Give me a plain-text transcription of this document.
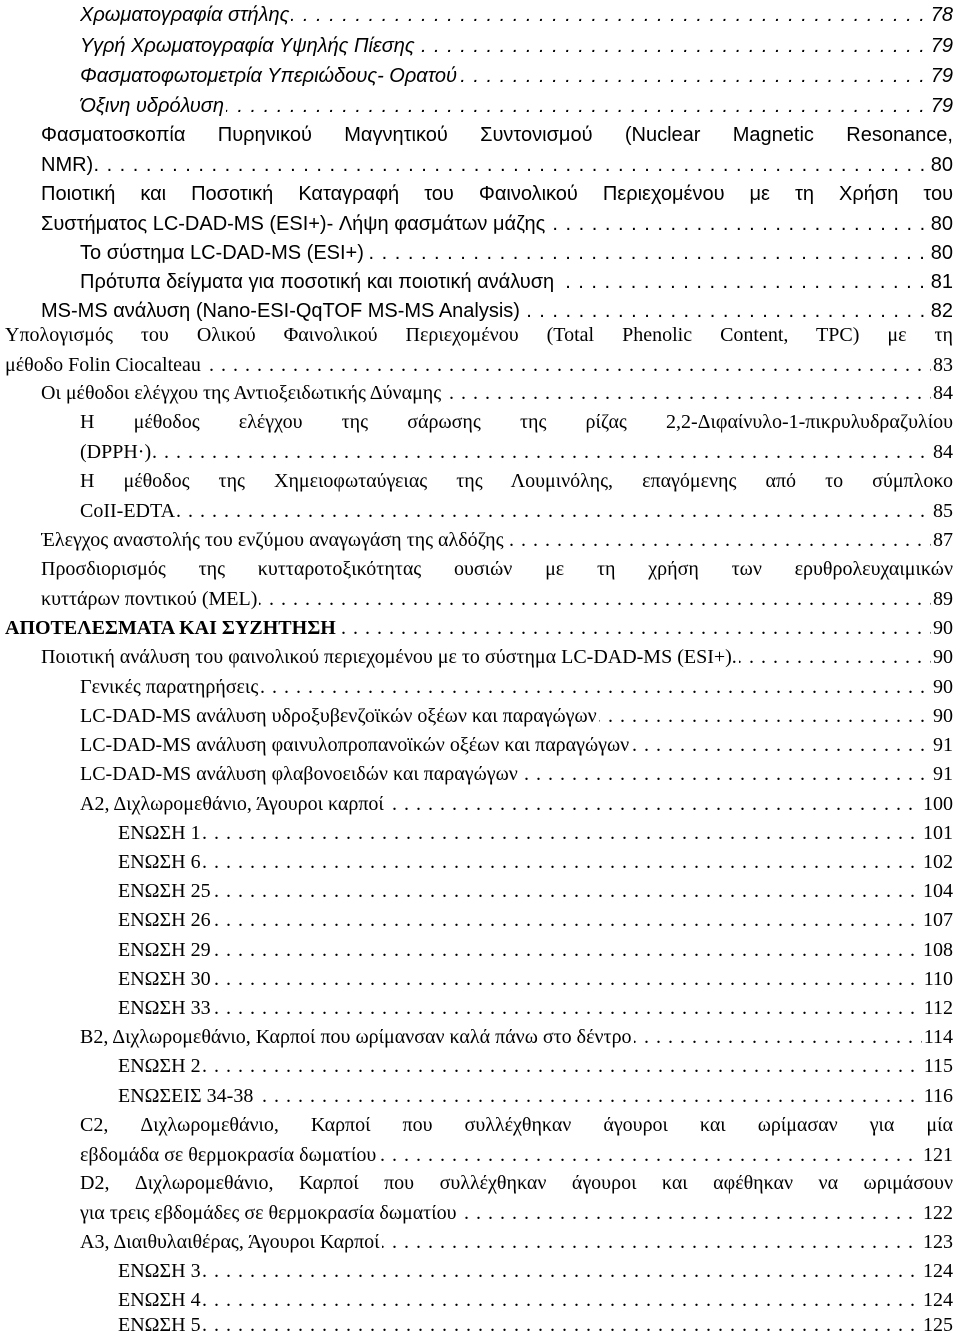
Χρωματογραφία στήλης . . .	78
Υγρή Χρωματογραφία Υψηλής Πίεσης . . .	79
Φασματοφωτομετρία Υπεριώδους- Ορατού . . .	79
Όξινη υδρόλυση . . .	79
Φασματοσκοπία Πυρηνικού Μαγνητικού Συντονισμού (Nuclear Magnetic Resonance,
NMR) . . .	80
Ποιοτική και Ποσοτική Καταγραφή του Φαινολικού Περιεχομένου με τη Χρήση του
Συστήματος LC-DAD-MS (ESI+)- Λήψη φασμάτων μάζης . . .	80
Το σύστημα LC-DAD-MS (ESI+) . . .	80
Πρότυπα δείγματα για ποσοτική και ποιοτική ανάλυση . . .	81
MS-MS ανάλυση (Nano-ESI-QqTOF MS-MS Analysis) . . .	82
Υπολογισμός του Ολικού Φαινολικού Περιεχομένου (Total Phenolic Content, TPC) με τη
μέθοδο Folin Ciocalteau . . .	83
Οι μέθοδοι ελέγχου της Αντιοξειδωτικής Δύναμης . . .	84
Η μέθοδος ελέγχου της σάρωσης της ρίζας 2,2-Διφαίνυλο-1-πικρυλυδραζυλίου
(DPPH·) . . .	84
Η μέθοδος της Χημειοφωταύγειας της Λουμινόλης, επαγόμενης από το σύμπλοκο
CoII-EDTA . . .	85
Έλεγχος αναστολής του ενζύμου αναγωγάση της αλδόζης . . .	87
Προσδιορισμός της κυτταροτοξικότητας ουσιών με τη χρήση των ερυθρολευχαιμικών
κυττάρων ποντικού (MEL) . . .	89
ΑΠΟΤΕΛΕΣΜΑΤΑ ΚΑΙ ΣΥΖΗΤΗΣΗ . . .	90
Ποιοτική ανάλυση του φαινολικού περιεχομένου με το σύστημα LC-DAD-MS (ESI+). . . .	90
Γενικές παρατηρήσεις . . .	90
LC-DAD-MS ανάλυση υδροξυβενζοϊκών οξέων και παραγώγων . . .	90
LC-DAD-MS ανάλυση φαινυλοπροπανοϊκών οξέων και παραγώγων . . .	91
LC-DAD-MS ανάλυση φλαβονοειδών και παραγώγων . . .	91
Α2, Διχλωρομεθάνιο, Άγουροι καρποί . . .	100
ΕΝΩΣΗ 1 . . .	101
ΕΝΩΣΗ 6 . . .	102
ΕΝΩΣΗ 25 . . .	104
ΕΝΩΣΗ 26 . . .	107
ΕΝΩΣΗ 29 . . .	108
ΕΝΩΣΗ 30 . . .	110
ΕΝΩΣΗ 33 . . .	112
Β2, Διχλωρομεθάνιο, Καρποί που ωρίμανσαν καλά πάνω στο δέντρο . . .	114
ΕΝΩΣΗ 2 . . .	115
ΕΝΩΣΕΙΣ 34-38 . . .	116
C2, Διχλωρομεθάνιο, Καρποί που συλλέχθηκαν άγουροι και ωρίμασαν για μία
εβδομάδα σε θερμοκρασία δωματίου . . .	121
D2, Διχλωρομεθάνιο, Καρποί που συλλέχθηκαν άγουροι και αφέθηκαν να ωριμάσουν
για τρεις εβδομάδες σε θερμοκρασία δωματίου . . .	122
Α3, Διαιθυλαιθέρας, Άγουροι Καρποί . . .	123
ΕΝΩΣΗ 3 . . .	124
ΕΝΩΣΗ 4 . . .	124
ΕΝΩΣΗ 5 . . .	125
